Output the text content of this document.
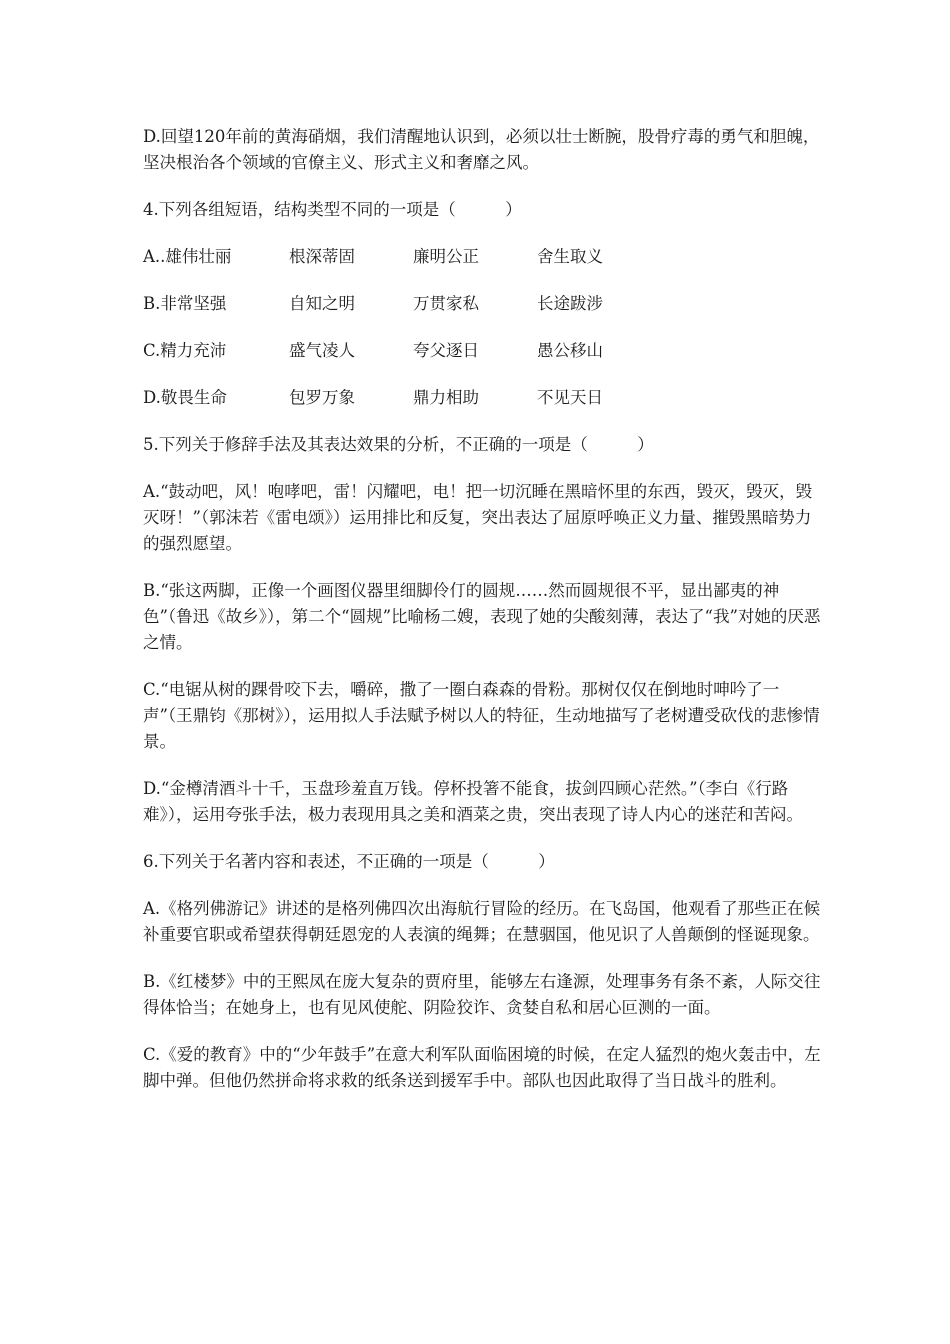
D.回望120年前的黄海硝烟，我们清醒地认识到，必须以壮士断腕，股骨疗毒的勇气和胆魄，坚决根治各个领域的官僚主义、形式主义和奢靡之风。

4.下列各组短语，结构类型不同的一项是（　　　）

A..雄伟壮丽	根深蒂固	廉明公正	舍生取义
B.非常坚强	自知之明	万贯家私	长途跋涉
C.精力充沛	盛气凌人	夸父逐日	愚公移山
D.敬畏生命	包罗万象	鼎力相助	不见天日

5.下列关于修辞手法及其表达效果的分析，不正确的一项是（　　　）

A.“鼓动吧，风！咆哮吧，雷！闪耀吧，电！把一切沉睡在黑暗怀里的东西，毁灭，毁灭，毁灭呀！”（郭沫若《雷电颂》）运用排比和反复，突出表达了屈原呼唤正义力量、摧毁黑暗势力的强烈愿望。

B.“张这两脚，正像一个画图仪器里细脚伶仃的圆规……然而圆规很不平，显出鄙夷的神色”（鲁迅《故乡》），第二个“圆规”比喻杨二嫂，表现了她的尖酸刻薄，表达了“我”对她的厌恶之情。

C.“电锯从树的踝骨咬下去，嚼碎，撒了一圈白森森的骨粉。那树仅仅在倒地时呻吟了一声”（王鼎钧《那树》），运用拟人手法赋予树以人的特征，生动地描写了老树遭受砍伐的悲惨情景。

D.“金樽清酒斗十千，玉盘珍羞直万钱。停杯投箸不能食，拔剑四顾心茫然。”（李白《行路难》），运用夸张手法，极力表现用具之美和酒菜之贵，突出表现了诗人内心的迷茫和苦闷。

6.下列关于名著内容和表述，不正确的一项是（　　　）

A.《格列佛游记》讲述的是格列佛四次出海航行冒险的经历。在飞岛国，他观看了那些正在候补重要官职或希望获得朝廷恩宠的人表演的绳舞；在慧骃国，他见识了人兽颠倒的怪诞现象。

B.《红楼梦》中的王熙凤在庞大复杂的贾府里，能够左右逢源，处理事务有条不紊，人际交往得体恰当；在她身上，也有见风使舵、阴险狡诈、贪婪自私和居心叵测的一面。

C.《爱的教育》中的“少年鼓手”在意大利军队面临困境的时候，在定人猛烈的炮火轰击中，左脚中弹。但他仍然拼命将求救的纸条送到援军手中。部队也因此取得了当日战斗的胜利。
